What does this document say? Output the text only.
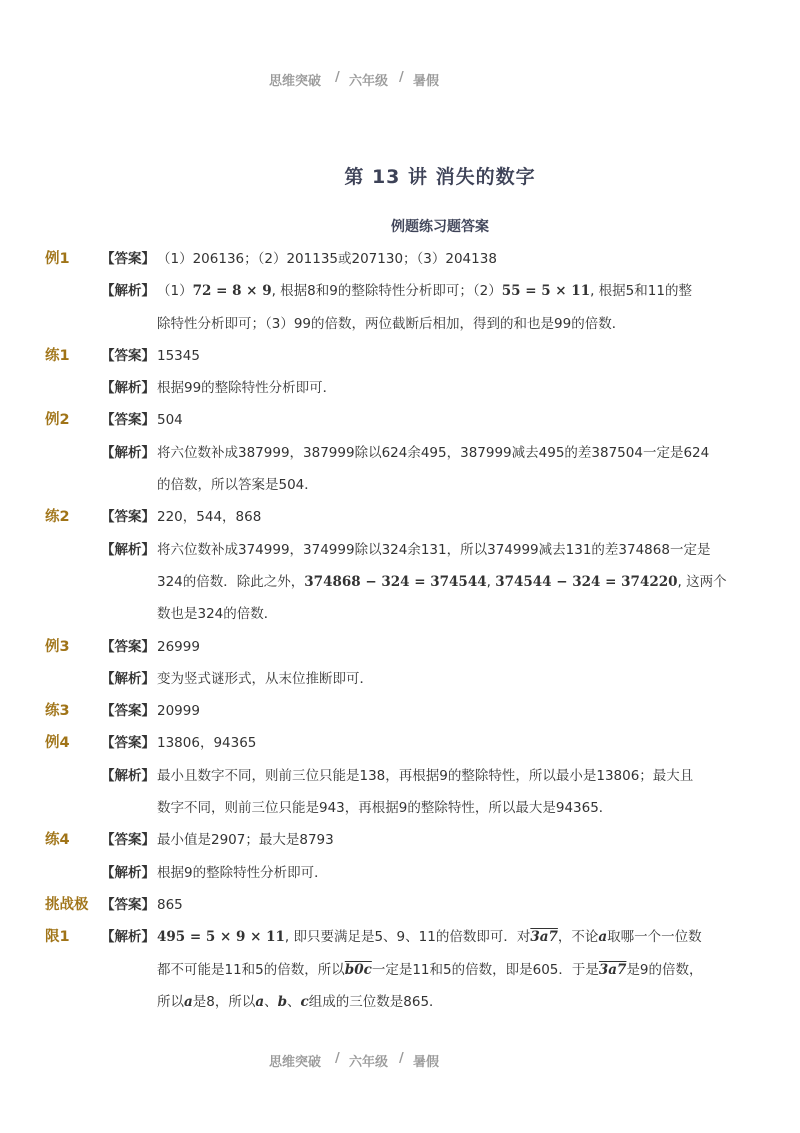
思维突破 / 六年级 / 暑假
第 13 讲 消失的数字
例题练习题答案
例1 【答案】 （1）206136；（2）201135或207130；（3）204138
【解析】 （1）72 = 8 × 9, 根据8和9的整除特性分析即可；（2）55 = 5 × 11, 根据5和11的整
除特性分析即可；（3）99的倍数，两位截断后相加，得到的和也是99的倍数．
练1 【答案】 15345
【解析】 根据99的整除特性分析即可．
例2 【答案】 504
【解析】 将六位数补成387999，387999除以624余495，387999减去495的差387504一定是624
的倍数，所以答案是504．
练2 【答案】 220，544，868
【解析】 将六位数补成374999，374999除以324余131，所以374999减去131的差374868一定是
324的倍数．除此之外，374868 − 324 = 374544, 374544 − 324 = 374220, 这两个
数也是324的倍数．
例3 【答案】 26999
【解析】 变为竖式谜形式，从末位推断即可．
练3 【答案】 20999
例4 【答案】 13806，94365
【解析】 最小且数字不同，则前三位只能是138，再根据9的整除特性，所以最小是13806；最大且
数字不同，则前三位只能是943，再根据9的整除特性，所以最大是94365．
练4 【答案】 最小值是2907；最大是8793
【解析】 根据9的整除特性分析即可．
挑战极 【答案】 865
限1 【解析】 495 = 5 × 9 × 11, 即只要满足是5、9、11的倍数即可．对3a7，不论a取哪一个一位数
都不可能是11和5的倍数，所以b0c一定是11和5的倍数，即是605．于是3a7是9的倍数，
所以a是8，所以a、b、c组成的三位数是865．
思维突破 / 六年级 / 暑假
